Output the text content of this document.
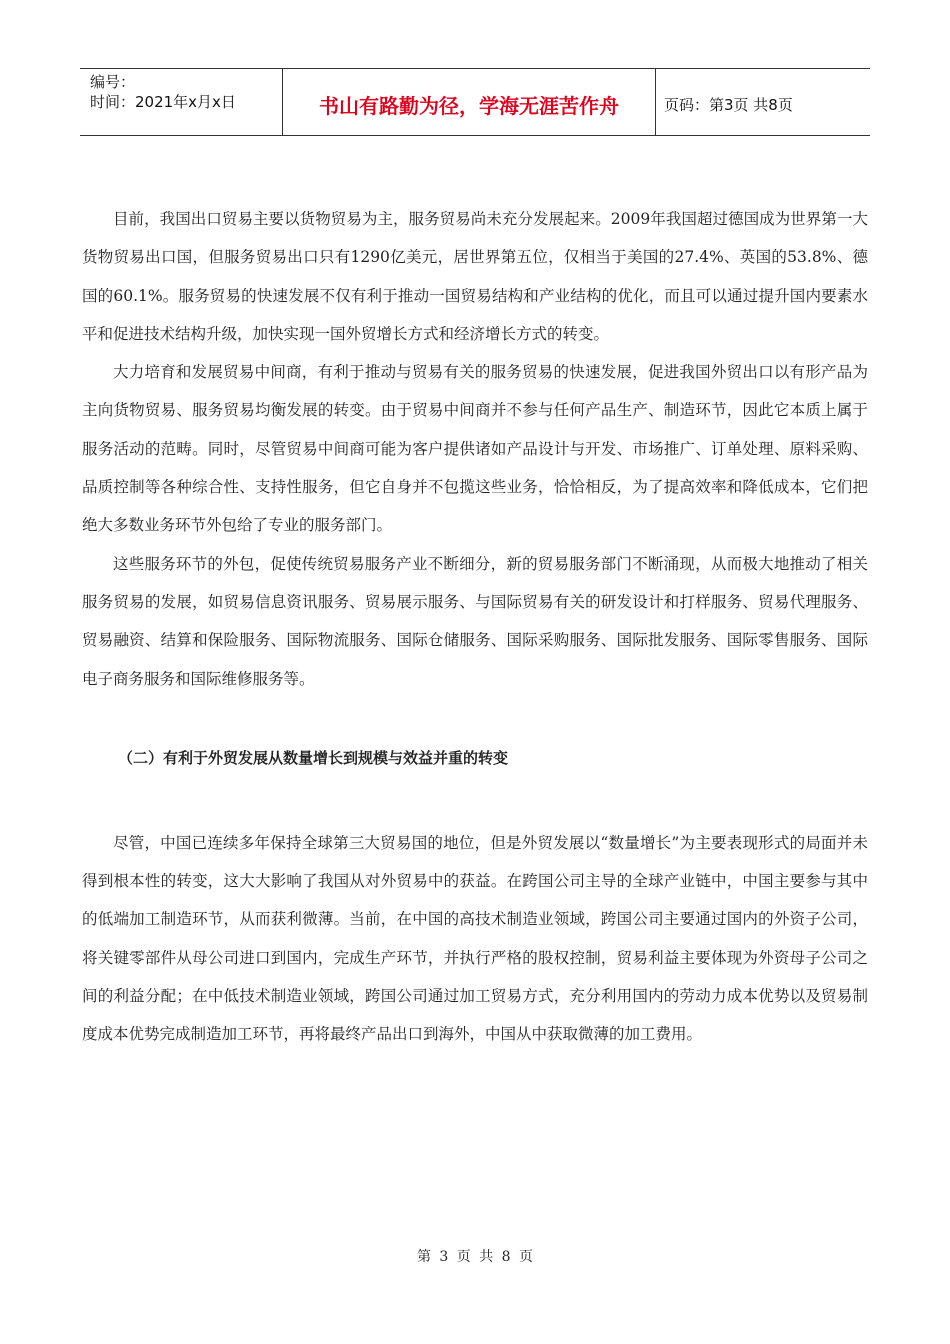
编号：
时间：2021年x月x日	书山有路勤为径，学海无涯苦作舟	页码：第3页 共8页

目前，我国出口贸易主要以货物贸易为主，服务贸易尚未充分发展起来。2009年我国超过德国成为世界第一大货物贸易出口国，但服务贸易出口只有1290亿美元，居世界第五位，仅相当于美国的27.4%、英国的53.8%、德国的60.1%。服务贸易的快速发展不仅有利于推动一国贸易结构和产业结构的优化，而且可以通过提升国内要素水平和促进技术结构升级，加快实现一国外贸增长方式和经济增长方式的转变。

大力培育和发展贸易中间商，有利于推动与贸易有关的服务贸易的快速发展，促进我国外贸出口以有形产品为主向货物贸易、服务贸易均衡发展的转变。由于贸易中间商并不参与任何产品生产、制造环节，因此它本质上属于服务活动的范畴。同时，尽管贸易中间商可能为客户提供诸如产品设计与开发、市场推广、订单处理、原料采购、品质控制等各种综合性、支持性服务，但它自身并不包揽这些业务，恰恰相反，为了提高效率和降低成本，它们把绝大多数业务环节外包给了专业的服务部门。

这些服务环节的外包，促使传统贸易服务产业不断细分，新的贸易服务部门不断涌现，从而极大地推动了相关服务贸易的发展，如贸易信息资讯服务、贸易展示服务、与国际贸易有关的研发设计和打样服务、贸易代理服务、贸易融资、结算和保险服务、国际物流服务、国际仓储服务、国际采购服务、国际批发服务、国际零售服务、国际电子商务服务和国际维修服务等。

（二）有利于外贸发展从数量增长到规模与效益并重的转变

尽管，中国已连续多年保持全球第三大贸易国的地位，但是外贸发展以“数量增长”为主要表现形式的局面并未得到根本性的转变，这大大影响了我国从对外贸易中的获益。在跨国公司主导的全球产业链中，中国主要参与其中的低端加工制造环节，从而获利微薄。当前，在中国的高技术制造业领域，跨国公司主要通过国内的外资子公司，将关键零部件从母公司进口到国内，完成生产环节，并执行严格的股权控制，贸易利益主要体现为外资母子公司之间的利益分配；在中低技术制造业领域，跨国公司通过加工贸易方式，充分利用国内的劳动力成本优势以及贸易制度成本优势完成制造加工环节，再将最终产品出口到海外，中国从中获取微薄的加工费用。

第 3 页 共 8 页
